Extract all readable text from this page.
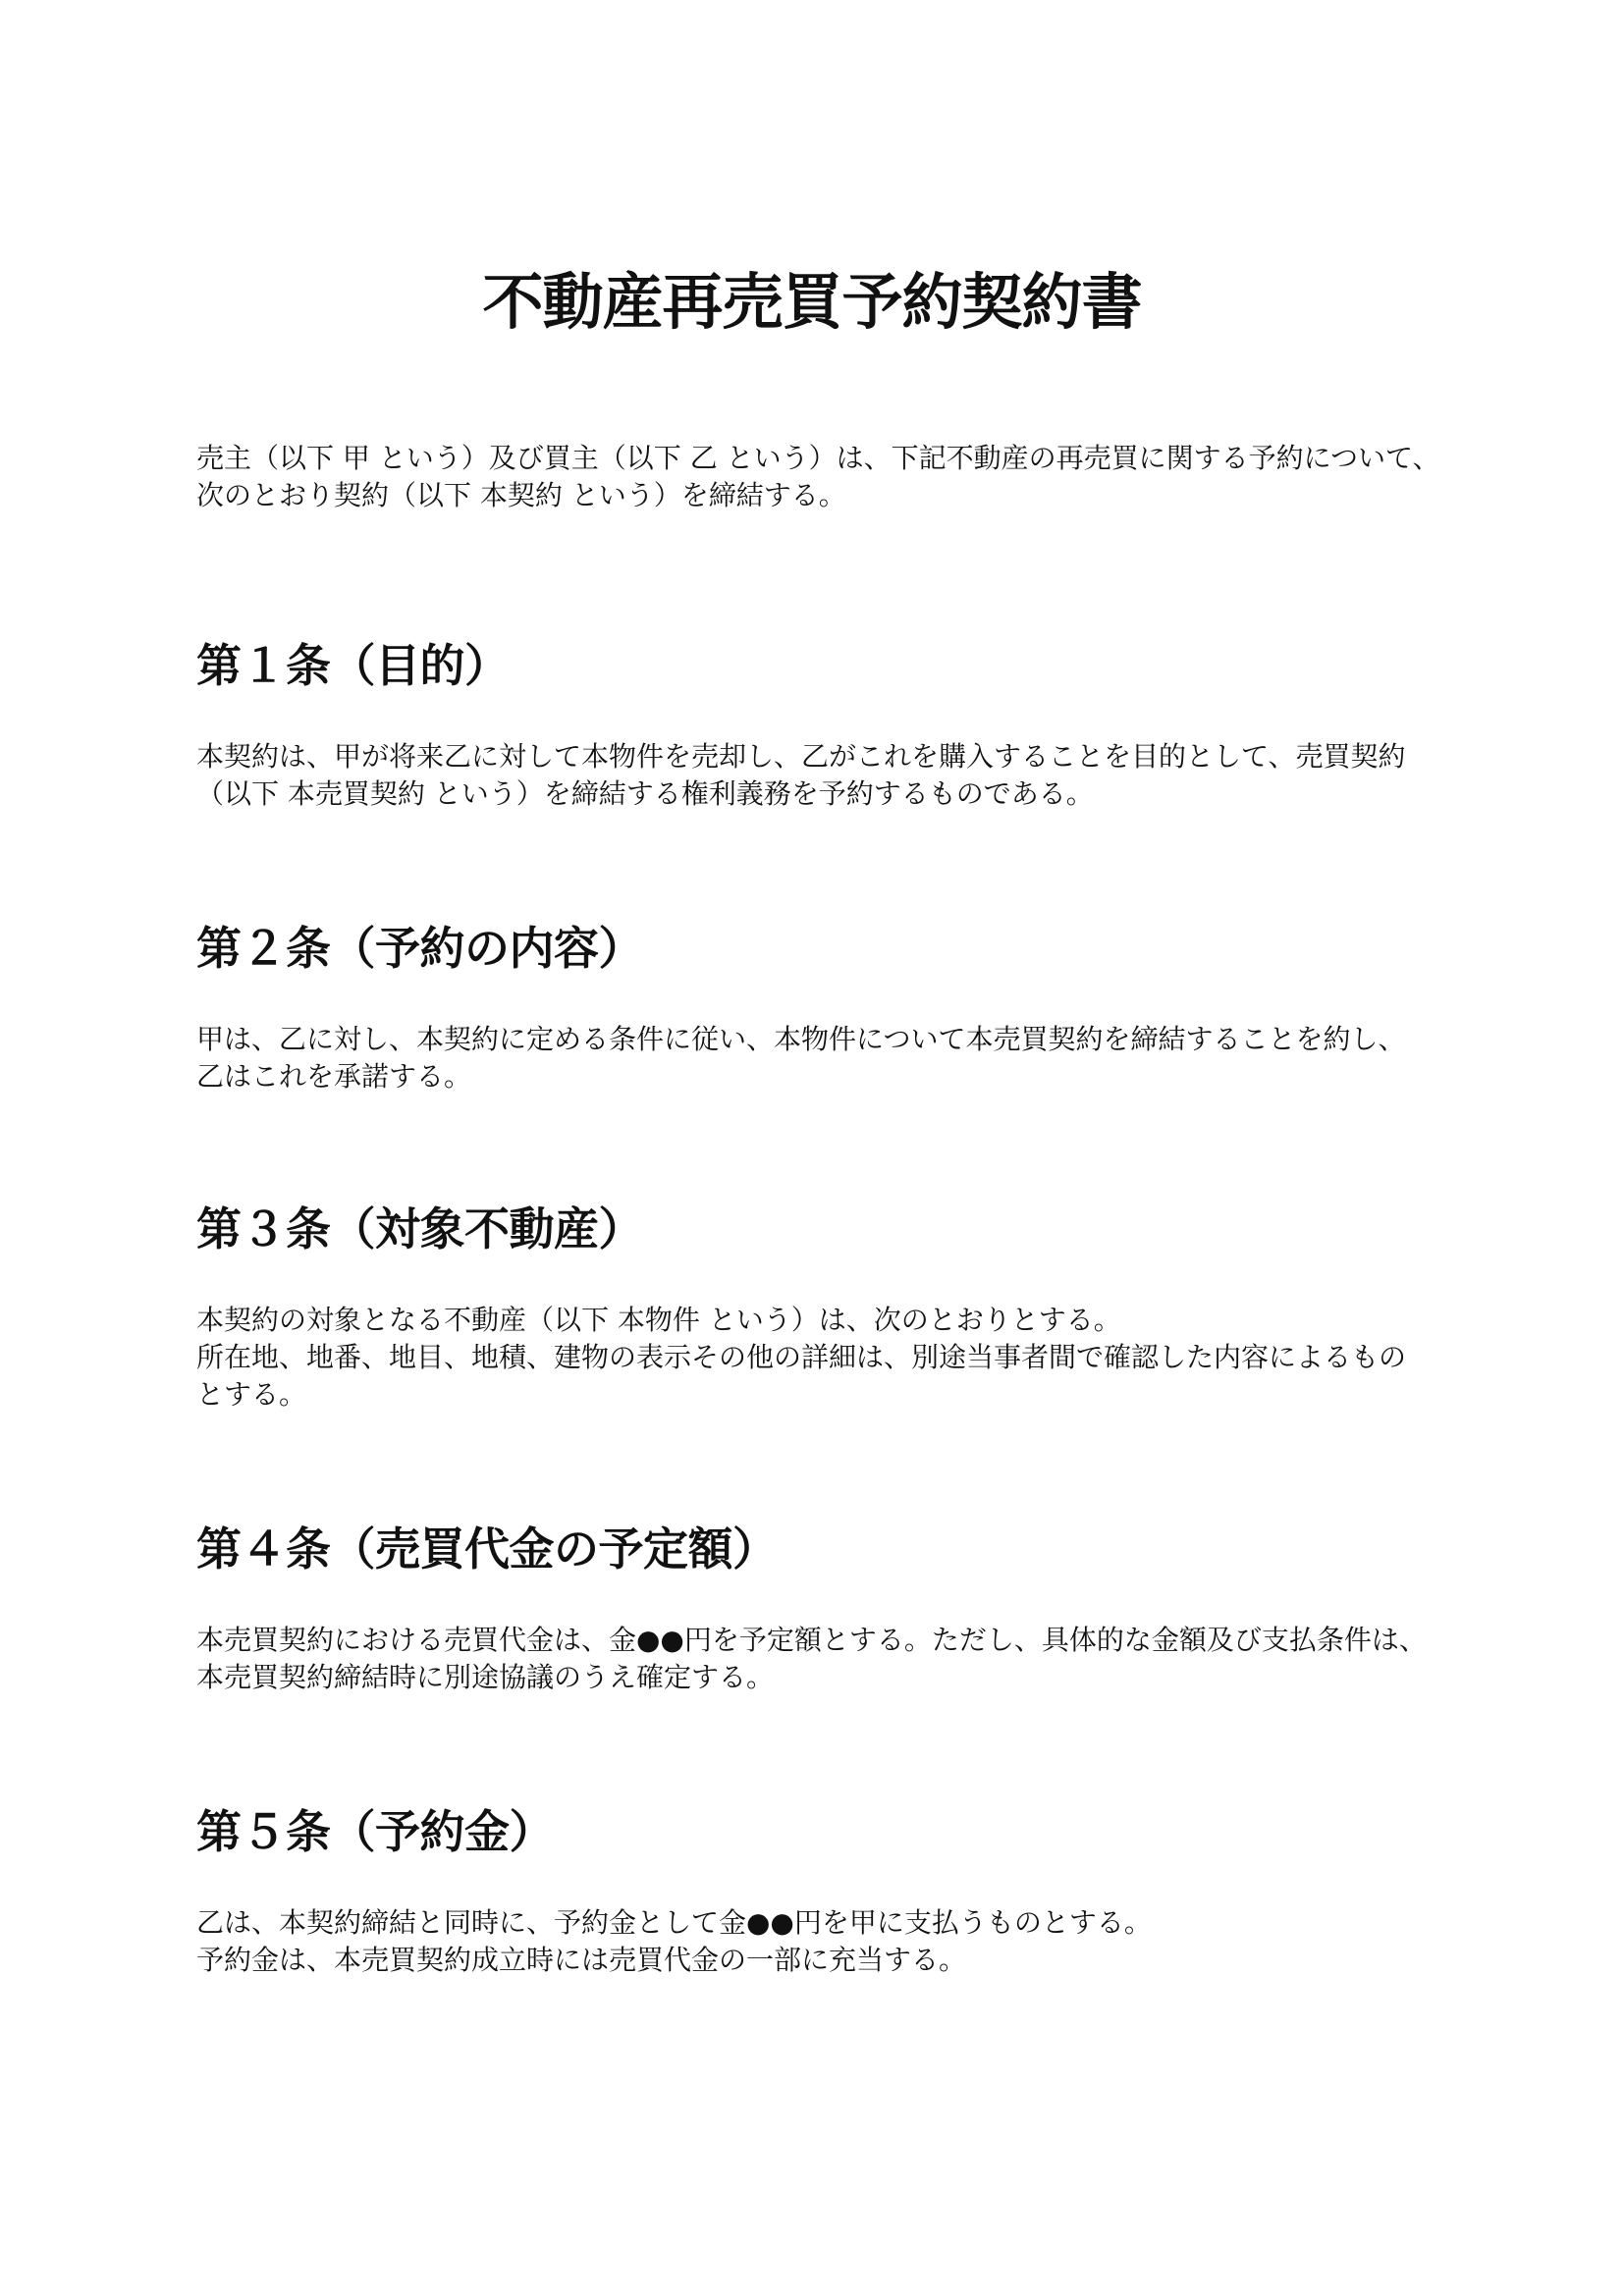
不動産再売買予約契約書

売主（以下 甲 という）及び買主（以下 乙 という）は、下記不動産の再売買に関する予約について、

次のとおり契約（以下 本契約 という）を締結する。

第１条（目的）

本契約は、甲が将来乙に対して本物件を売却し、乙がこれを購入することを目的として、売買契約

（以下 本売買契約 という）を締結する権利義務を予約するものである。

第２条（予約の内容）

甲は、乙に対し、本契約に定める条件に従い、本物件について本売買契約を締結することを約し、

乙はこれを承諾する。

第３条（対象不動産）

本契約の対象となる不動産（以下 本物件 という）は、次のとおりとする。

所在地、地番、地目、地積、建物の表示その他の詳細は、別途当事者間で確認した内容によるもの

とする。

第４条（売買代金の予定額）

本売買契約における売買代金は、金●●円を予定額とする。ただし、具体的な金額及び支払条件は、

本売買契約締結時に別途協議のうえ確定する。

第５条（予約金）

乙は、本契約締結と同時に、予約金として金●●円を甲に支払うものとする。

予約金は、本売買契約成立時には売買代金の一部に充当する。
